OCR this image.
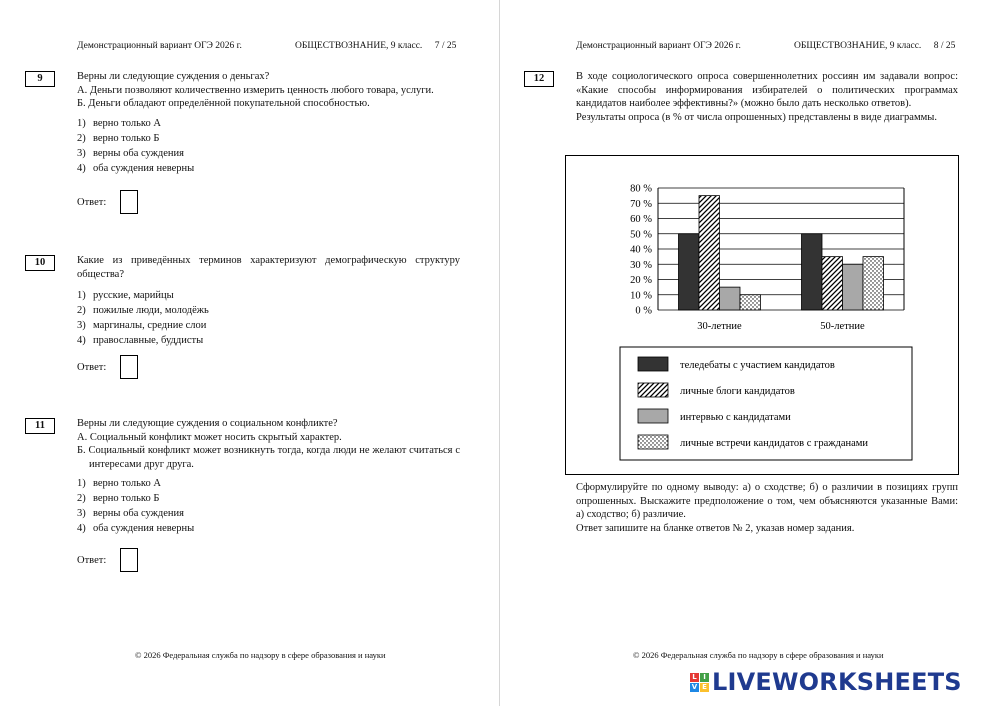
Демонстрационный вариант ОГЭ 2026 г.	ОБЩЕСТВОЗНАНИЕ, 9 класс. 7 / 25
9	Верны ли следующие суждения о деньгах?

А. Деньги позволяют количественно измерить ценность любого товара, услуги.

Б. Деньги обладают определённой покупательной способностью.

1) верно только А
2) верно только Б
3) верны оба суждения
4) оба суждения неверны
Ответ:
10	Какие из приведённых терминов характеризуют демографическую структуру общества?

1) русские, марийцы
2) пожилые люди, молодёжь
3) маргиналы, средние слои
4) православные, буддисты
Ответ:
11	Верны ли следующие суждения о социальном конфликте?

А. Социальный конфликт может носить скрытый характер.

Б. Социальный конфликт может возникнуть тогда, когда люди не желают считаться с интересами друг друга.

1) верно только А
2) верно только Б
3) верны оба суждения
4) оба суждения неверны
Ответ:
© 2026 Федеральная служба по надзору в сфере образования и науки
Демонстрационный вариант ОГЭ 2026 г.	ОБЩЕСТВОЗНАНИЕ, 9 класс. 8 / 25
12	В ходе социологического опроса совершеннолетних россиян им задавали вопрос: «Какие способы информирования избирателей о политических программах кандидатов наиболее эффективны?» (можно было дать несколько ответов).

Результаты опроса (в % от числа опрошенных) представлены в виде диаграммы.

0 %
10 %
20 %
30 %
40 %
50 %
60 %
70 %
80 %
30-летние	50-летние
теледебаты с участием кандидатов
личные блоги кандидатов
интервью с кандидатами
личные встречи кандидатов с гражданами

Сформулируйте по одному выводу: а) о сходстве; б) о различии в позициях групп опрошенных. Выскажите предположение о том, чем объясняются указанные Вами: а) сходство; б) различие.

Ответ запишите на бланке ответов № 2, указав номер задания.

© 2026 Федеральная служба по надзору в сфере образования и науки
L I
V E LIVEWORKSHEETS
